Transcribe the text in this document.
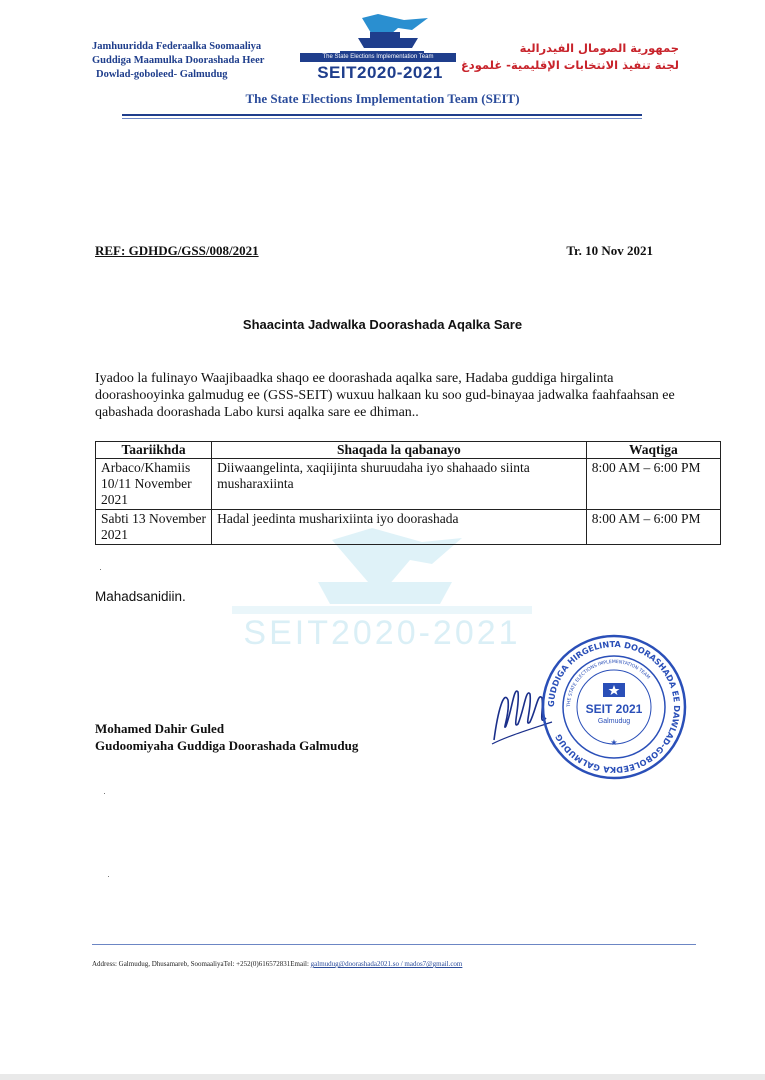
Jamhuuridda Federaalka Soomaaliya
Guddiga Maamulka Doorashada Heer
Dowlad-goboleed- Galmudug
The State Elections Implementation Team
SEIT2020-2021
جمهورية الصومال الفيدرالية
لجنة تنفيذ الانتخابات الإقليمية- غلمودغ
The State Elections Implementation Team (SEIT)
REF: GDHDG/GSS/008/2021	Tr. 10 Nov 2021
Shaacinta Jadwalka Doorashada Aqalka Sare
Iyadoo la fulinayo Waajibaadka shaqo ee doorashada aqalka sare, Hadaba guddiga hirgalinta doorashooyinka galmudug ee (GSS-SEIT) wuxuu halkaan ku soo gud-binayaa jadwalka faahfaahsan ee qabashada doorashada Labo kursi aqalka sare ee dhiman..
SEIT2020-2021
Taariikhda	Shaqada la qabanayo	Waqtiga
Arbaco/Khamiis 10/11 November 2021	Diiwaangelinta, xaqiijinta shuruudaha iyo shahaado siinta musharaxiinta	8:00 AM – 6:00 PM
Sabti 13 November 2021	Hadal jeedinta musharixiinta iyo doorashada	8:00 AM – 6:00 PM
Mahadsanidiin.
GUDDIGA HIRGELINTA DOORASHADA EE DAWLAD-GOBOLEEDKA GALMUDUG
THE STATE ELECTIONS IMPLEMENTATION TEAM
SEIT 2021
Galmudug
★
Mohamed Dahir Guled
Gudoomiyaha Guddiga Doorashada Galmudug
Address: Galmudug, Dhusamareb, SoomaaliyaTel: +252(0)616572831Email: galmudug@doorashada2021.so / mados7@gmail.com
